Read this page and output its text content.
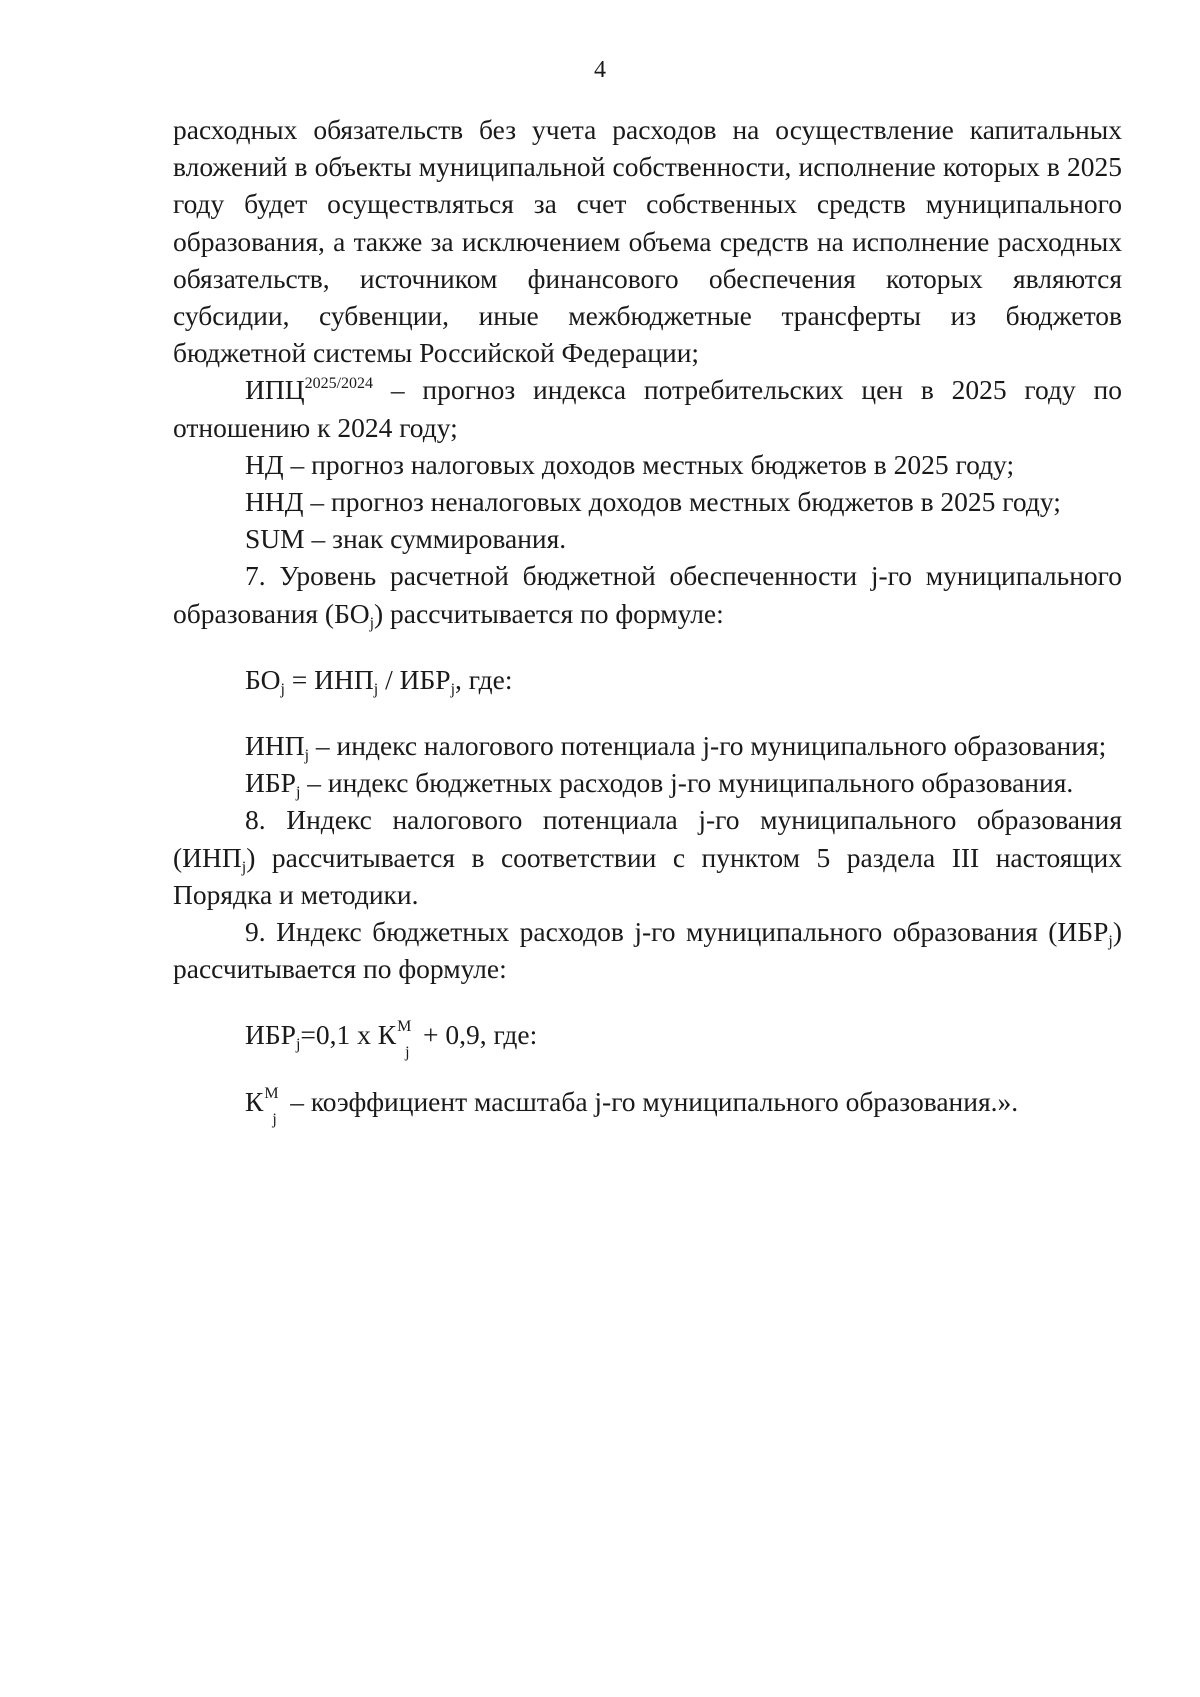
4

расходных обязательств без учета расходов на осуществление капитальных вложений в объекты муниципальной собственности, исполнение которых в 2025 году будет осуществляться за счет собственных средств муниципального образования, а также за исключением объема средств на исполнение расходных обязательств, источником финансового обеспечения которых являются субсидии, субвенции, иные межбюджетные трансферты из бюджетов бюджетной системы Российской Федерации;

$ИПЦ^{2025/2024}$ – прогноз индекса потребительских цен в 2025 году по отношению к 2024 году;

НД – прогноз налоговых доходов местных бюджетов в 2025 году;

ННД – прогноз неналоговых доходов местных бюджетов в 2025 году;

SUM – знак суммирования.

7. Уровень расчетной бюджетной обеспеченности j-го муниципального образования $(БО_j)$ рассчитывается по формуле:

$БО_j = ИНП_j / ИБР_j$, где:

$ИНП_j$ – индекс налогового потенциала j-го муниципального образования;

$ИБР_j$ – индекс бюджетных расходов j-го муниципального образования.

8. Индекс налогового потенциала j-го муниципального образования $(ИНП_j)$ рассчитывается в соответствии с пунктом 5 раздела III настоящих Порядка и методики.

9. Индекс бюджетных расходов j-го муниципального образования $(ИБР_j)$ рассчитывается по формуле:

$ИБР_j=0,1$ x К М
j
+ 0,9, где:

К М
j
– коэффициент масштаба j-го муниципального образования.».
